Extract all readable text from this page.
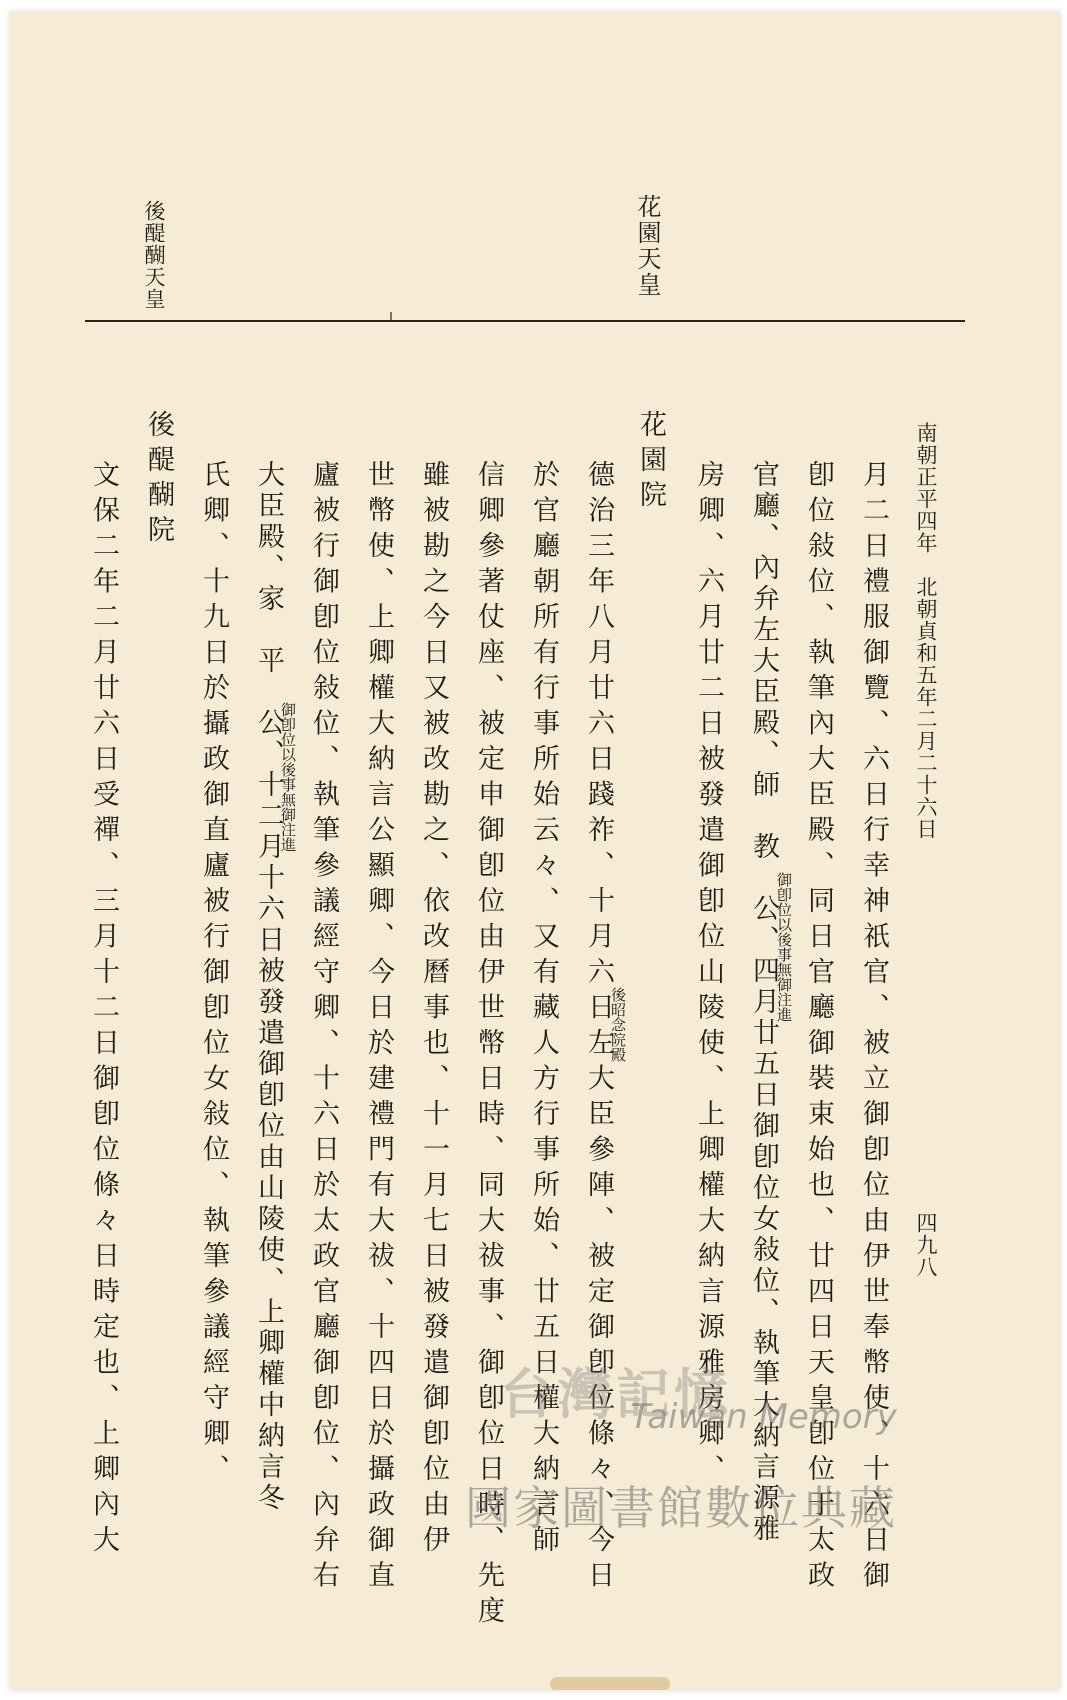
南朝正平四年　北朝貞和五年二月二十六日
四九八
花園天皇
後醍醐天皇
月二日禮服御覽、六日行幸神祇官、被立御卽位由伊世奉幣使、十六日御
卽位敍位、執筆內大臣殿、同日官廳御裝束始也、廿四日天皇卽位于太政
官廳、內弁左大臣殿、師　教　公、四月廿五日御卽位女敍位、執筆大納言源雅
房卿、六月廿二日被發遣御卽位山陵使、上卿權大納言源雅房卿、
花園院
德治三年八月廿六日踐祚、十月六日左大臣參陣、被定御卽位條々、今日
於官廳朝所有行事所始云々、又有藏人方行事所始、廿五日權大納言師
信卿參著仗座、被定申御卽位由伊世幣日時、同大祓事、御卽位日時、先度
雖被勘之今日又被改勘之、依改曆事也、十一月七日被發遣御卽位由伊
世幣使、上卿權大納言公顯卿、今日於建禮門有大祓、十四日於攝政御直
廬被行御卽位敍位、執筆參議經守卿、十六日於太政官廳御卽位、內弁右
大臣殿、家　平　公、十二月十六日被發遣御卽位由山陵使、上卿權中納言冬
氏卿、十九日於攝政御直廬被行御卽位女敍位、執筆參議經守卿、
後醍醐院
文保二年二月廿六日受禪、三月十二日御卽位條々日時定也、上卿內大	御卽位以後事無御注進
後昭念院殿
御卽位以後事無御注進
台灣記憶
Taiwan Memory
國家圖書館數位典藏
